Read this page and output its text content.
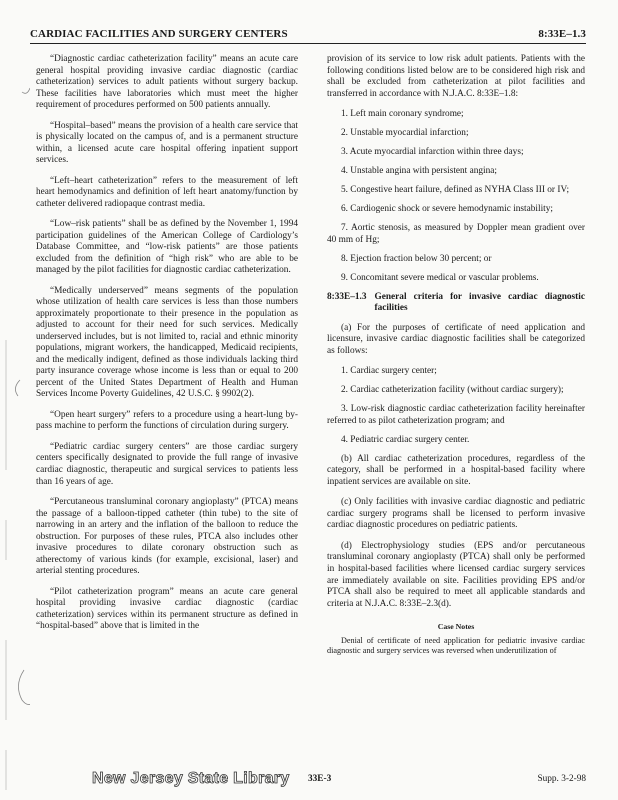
CARDIAC FACILITIES AND SURGERY CENTERS	8:33E–1.3

“Diagnostic cardiac catheterization facility” means an acute care general hospital providing invasive cardiac diagnostic (cardiac catheterization) services to adult patients without surgery backup. These facilities have laboratories which must meet the higher requirement of procedures performed on 500 patients annually.

“Hospital–based” means the provision of a health care service that is physically located on the campus of, and is a permanent structure within, a licensed acute care hospital offering inpatient support services.

“Left–heart catheterization” refers to the measurement of left heart hemodynamics and definition of left heart anatomy/function by catheter delivered radiopaque contrast media.

“Low–risk patients” shall be as defined by the November 1, 1994 participation guidelines of the American College of Cardiology’s Database Committee, and “low-risk patients” are those patients excluded from the definition of “high risk” who are able to be managed by the pilot facilities for diagnostic cardiac catheterization.

“Medically underserved” means segments of the population whose utilization of health care services is less than those numbers approximately proportionate to their presence in the population as adjusted to account for their need for such services. Medically underserved includes, but is not limited to, racial and ethnic minority populations, migrant workers, the handicapped, Medicaid recipients, and the medically indigent, defined as those individuals lacking third party insurance coverage whose income is less than or equal to 200 percent of the United States Department of Health and Human Services Income Poverty Guidelines, 42 U.S.C. § 9902(2).

“Open heart surgery” refers to a procedure using a heart-lung by-pass machine to perform the functions of circulation during surgery.

“Pediatric cardiac surgery centers” are those cardiac surgery centers specifically designated to provide the full range of invasive cardiac diagnostic, therapeutic and surgical services to patients less than 16 years of age.

“Percutaneous transluminal coronary angioplasty” (PTCA) means the passage of a balloon-tipped catheter (thin tube) to the site of narrowing in an artery and the inflation of the balloon to reduce the obstruction. For purposes of these rules, PTCA also includes other invasive procedures to dilate coronary obstruction such as atherectomy of various kinds (for example, excisional, laser) and arterial stenting procedures.

“Pilot catheterization program” means an acute care general hospital providing invasive cardiac diagnostic (cardiac catheterization) services within its permanent structure as defined in “hospital-based” above that is limited in the

provision of its service to low risk adult patients. Patients with the following conditions listed below are to be considered high risk and shall be excluded from catheterization at pilot facilities and transferred in accordance with N.J.A.C. 8:33E–1.8:

1. Left main coronary syndrome;
2. Unstable myocardial infarction;
3. Acute myocardial infarction within three days;
4. Unstable angina with persistent angina;
5. Congestive heart failure, defined as NYHA Class III or IV;
6. Cardiogenic shock or severe hemodynamic instability;
7. Aortic stenosis, as measured by Doppler mean gradient over 40 mm of Hg;
8. Ejection fraction below 30 percent; or
9. Concomitant severe medical or vascular problems.
8:33E–1.3 General criteria for invasive cardiac diagnostic facilities

(a) For the purposes of certificate of need application and licensure, invasive cardiac diagnostic facilities shall be categorized as follows:

1. Cardiac surgery center;
2. Cardiac catheterization facility (without cardiac surgery);
3. Low-risk diagnostic cardiac catheterization facility hereinafter referred to as pilot catheterization program; and
4. Pediatric cardiac surgery center.

(b) All cardiac catheterization procedures, regardless of the category, shall be performed in a hospital-based facility where inpatient services are available on site.

(c) Only facilities with invasive cardiac diagnostic and pediatric cardiac surgery programs shall be licensed to perform invasive cardiac diagnostic procedures on pediatric patients.

(d) Electrophysiology studies (EPS and/or percutaneous transluminal coronary angioplasty (PTCA) shall only be performed in hospital-based facilities where licensed cardiac surgery services are immediately available on site. Facilities providing EPS and/or PTCA shall also be required to meet all applicable standards and criteria at N.J.A.C. 8:33E–2.3(d).

Case Notes

Denial of certificate of need application for pediatric invasive cardiac diagnostic and surgery services was reversed when underutilization of

New Jersey State Library 33E-3	Supp. 3-2-98
